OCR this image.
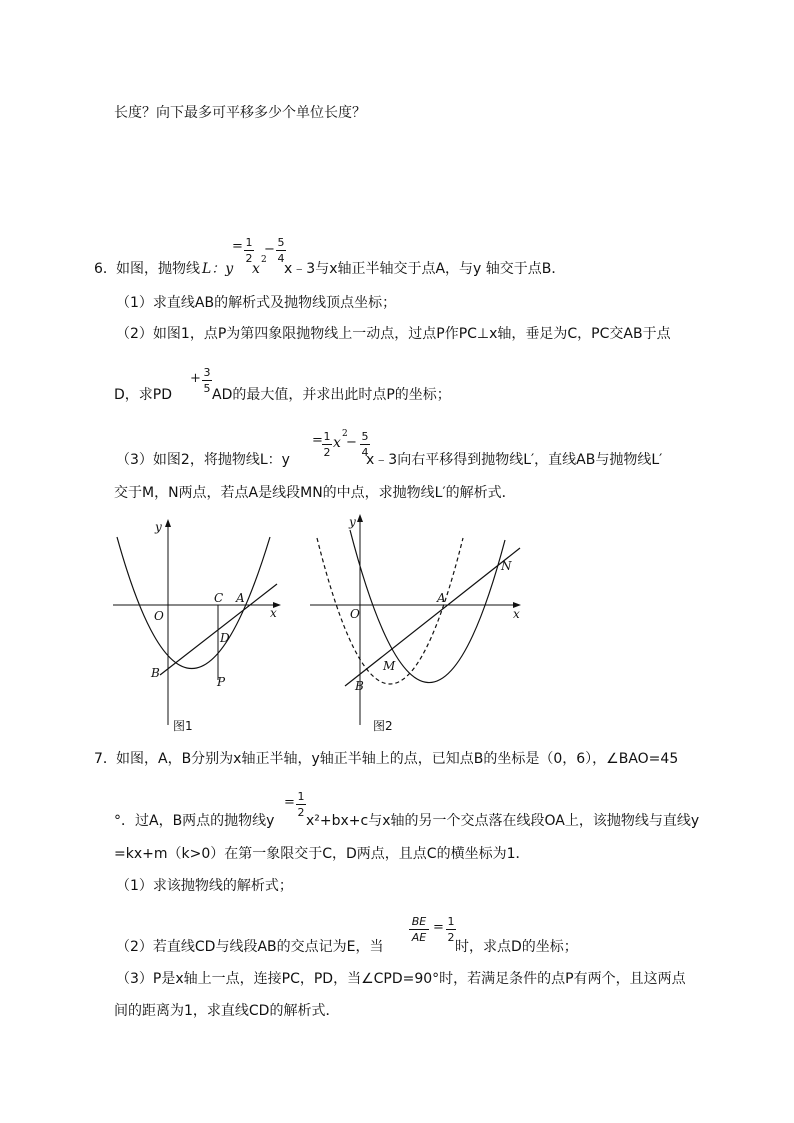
长度？向下最多可平移多少个单位长度？
6． 如图，抛物线 L：y
= 1
2
x
2
− 5
4
x﹣3与x轴正半轴交于点A，与y 轴交于点B．
（1）求直线AB的解析式及抛物线顶点坐标；
（2）如图1，点P为第四象限抛物线上一动点，过点P作PC⊥x轴，垂足为C，PC交AB于点
D，求PD
+ 3
5 AD的最大值，并求出此时点P的坐标；
（3）如图2，将抛物线L：y
= 1
2
x
2
− 5
4
x﹣3向右平移得到抛物线L′，直线AB与抛物线L′
交于M，N两点，若点A是线段MN的中点，求抛物线L′的解析式．
y
x
O
C A
D
B
P
图1
y
x
O
A
N
M
B
图2
7． 如图，A，B分别为x轴正半轴，y轴正半轴上的点，已知点B的坐标是（0，6），∠BAO=45
°．过A，B两点的抛物线y
= 1
2
x²+bx+c与x轴的另一个交点落在线段OA上，该抛物线与直线y
=kx+m（k>0）在第一象限交于C，D两点，且点C的横坐标为1．
（1）求该抛物线的解析式；
（2）若直线CD与线段AB的交点记为E，当
BE
AE
= 1
2
时，求点D的坐标；
（3）P是x轴上一点，连接PC，PD，当∠CPD=90°时，若满足条件的点P有两个，且这两点
间的距离为1，求直线CD的解析式．
